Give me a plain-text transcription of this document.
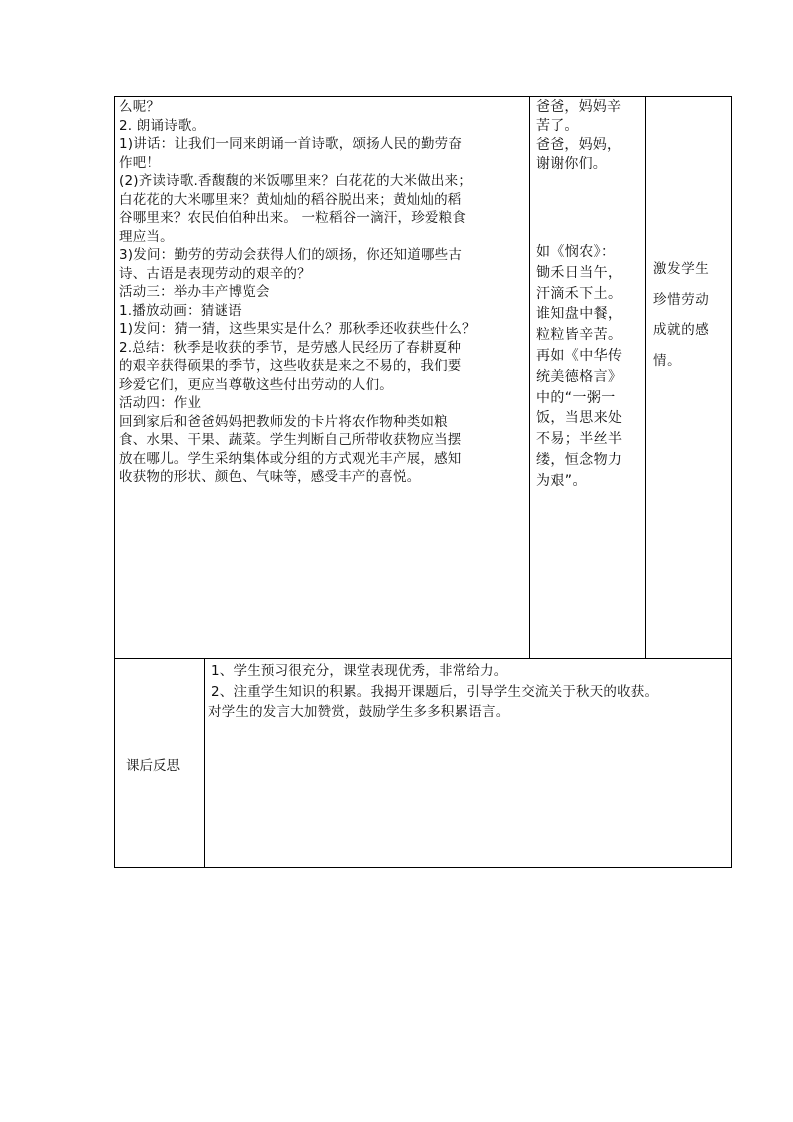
么呢？
2. 朗诵诗歌。
1)讲话：让我们一同来朗诵一首诗歌，颂扬人民的勤劳奋
作吧！
(2)齐读诗歌.香馥馥的米饭哪里来？白花花的大米做出来；
白花花的大米哪里来？黄灿灿的稻谷脱出来；黄灿灿的稻
谷哪里来？农民伯伯种出来。 一粒稻谷一滴汗，珍爱粮食
理应当。
3)发问：勤劳的劳动会获得人们的颂扬，你还知道哪些古
诗、古语是表现劳动的艰辛的？
活动三：举办丰产博览会
1.播放动画：猜谜语
1)发问：猜一猜，这些果实是什么？那秋季还收获些什么？
2.总结：秋季是收获的季节，是劳感人民经历了春耕夏种
的艰辛获得硕果的季节，这些收获是来之不易的，我们要
珍爱它们，更应当尊敬这些付出劳动的人们。
活动四：作业
回到家后和爸爸妈妈把教师发的卡片将农作物种类如粮
食、水果、干果、蔬菜。学生判断自己所带收获物应当摆
放在哪儿。学生采纳集体或分组的方式观光丰产展，感知
收获物的形状、颜色、气味等，感受丰产的喜悦。
爸爸，妈妈辛
苦了。
爸爸，妈妈，
谢谢你们。
如《悯农》：
锄禾日当午，
汗滴禾下土。
谁知盘中餐，
粒粒皆辛苦。
再如《中华传
统美德格言》
中的“一粥一
饭，当思来处
不易；半丝半
缕，恒念物力
为艰”。
激发学生
珍惜劳动
成就的感
情。
课后反思
1、学生预习很充分，课堂表现优秀，非常给力。
2、注重学生知识的积累。我揭开课题后，引导学生交流关于秋天的收获。
对学生的发言大加赞赏，鼓励学生多多积累语言。
